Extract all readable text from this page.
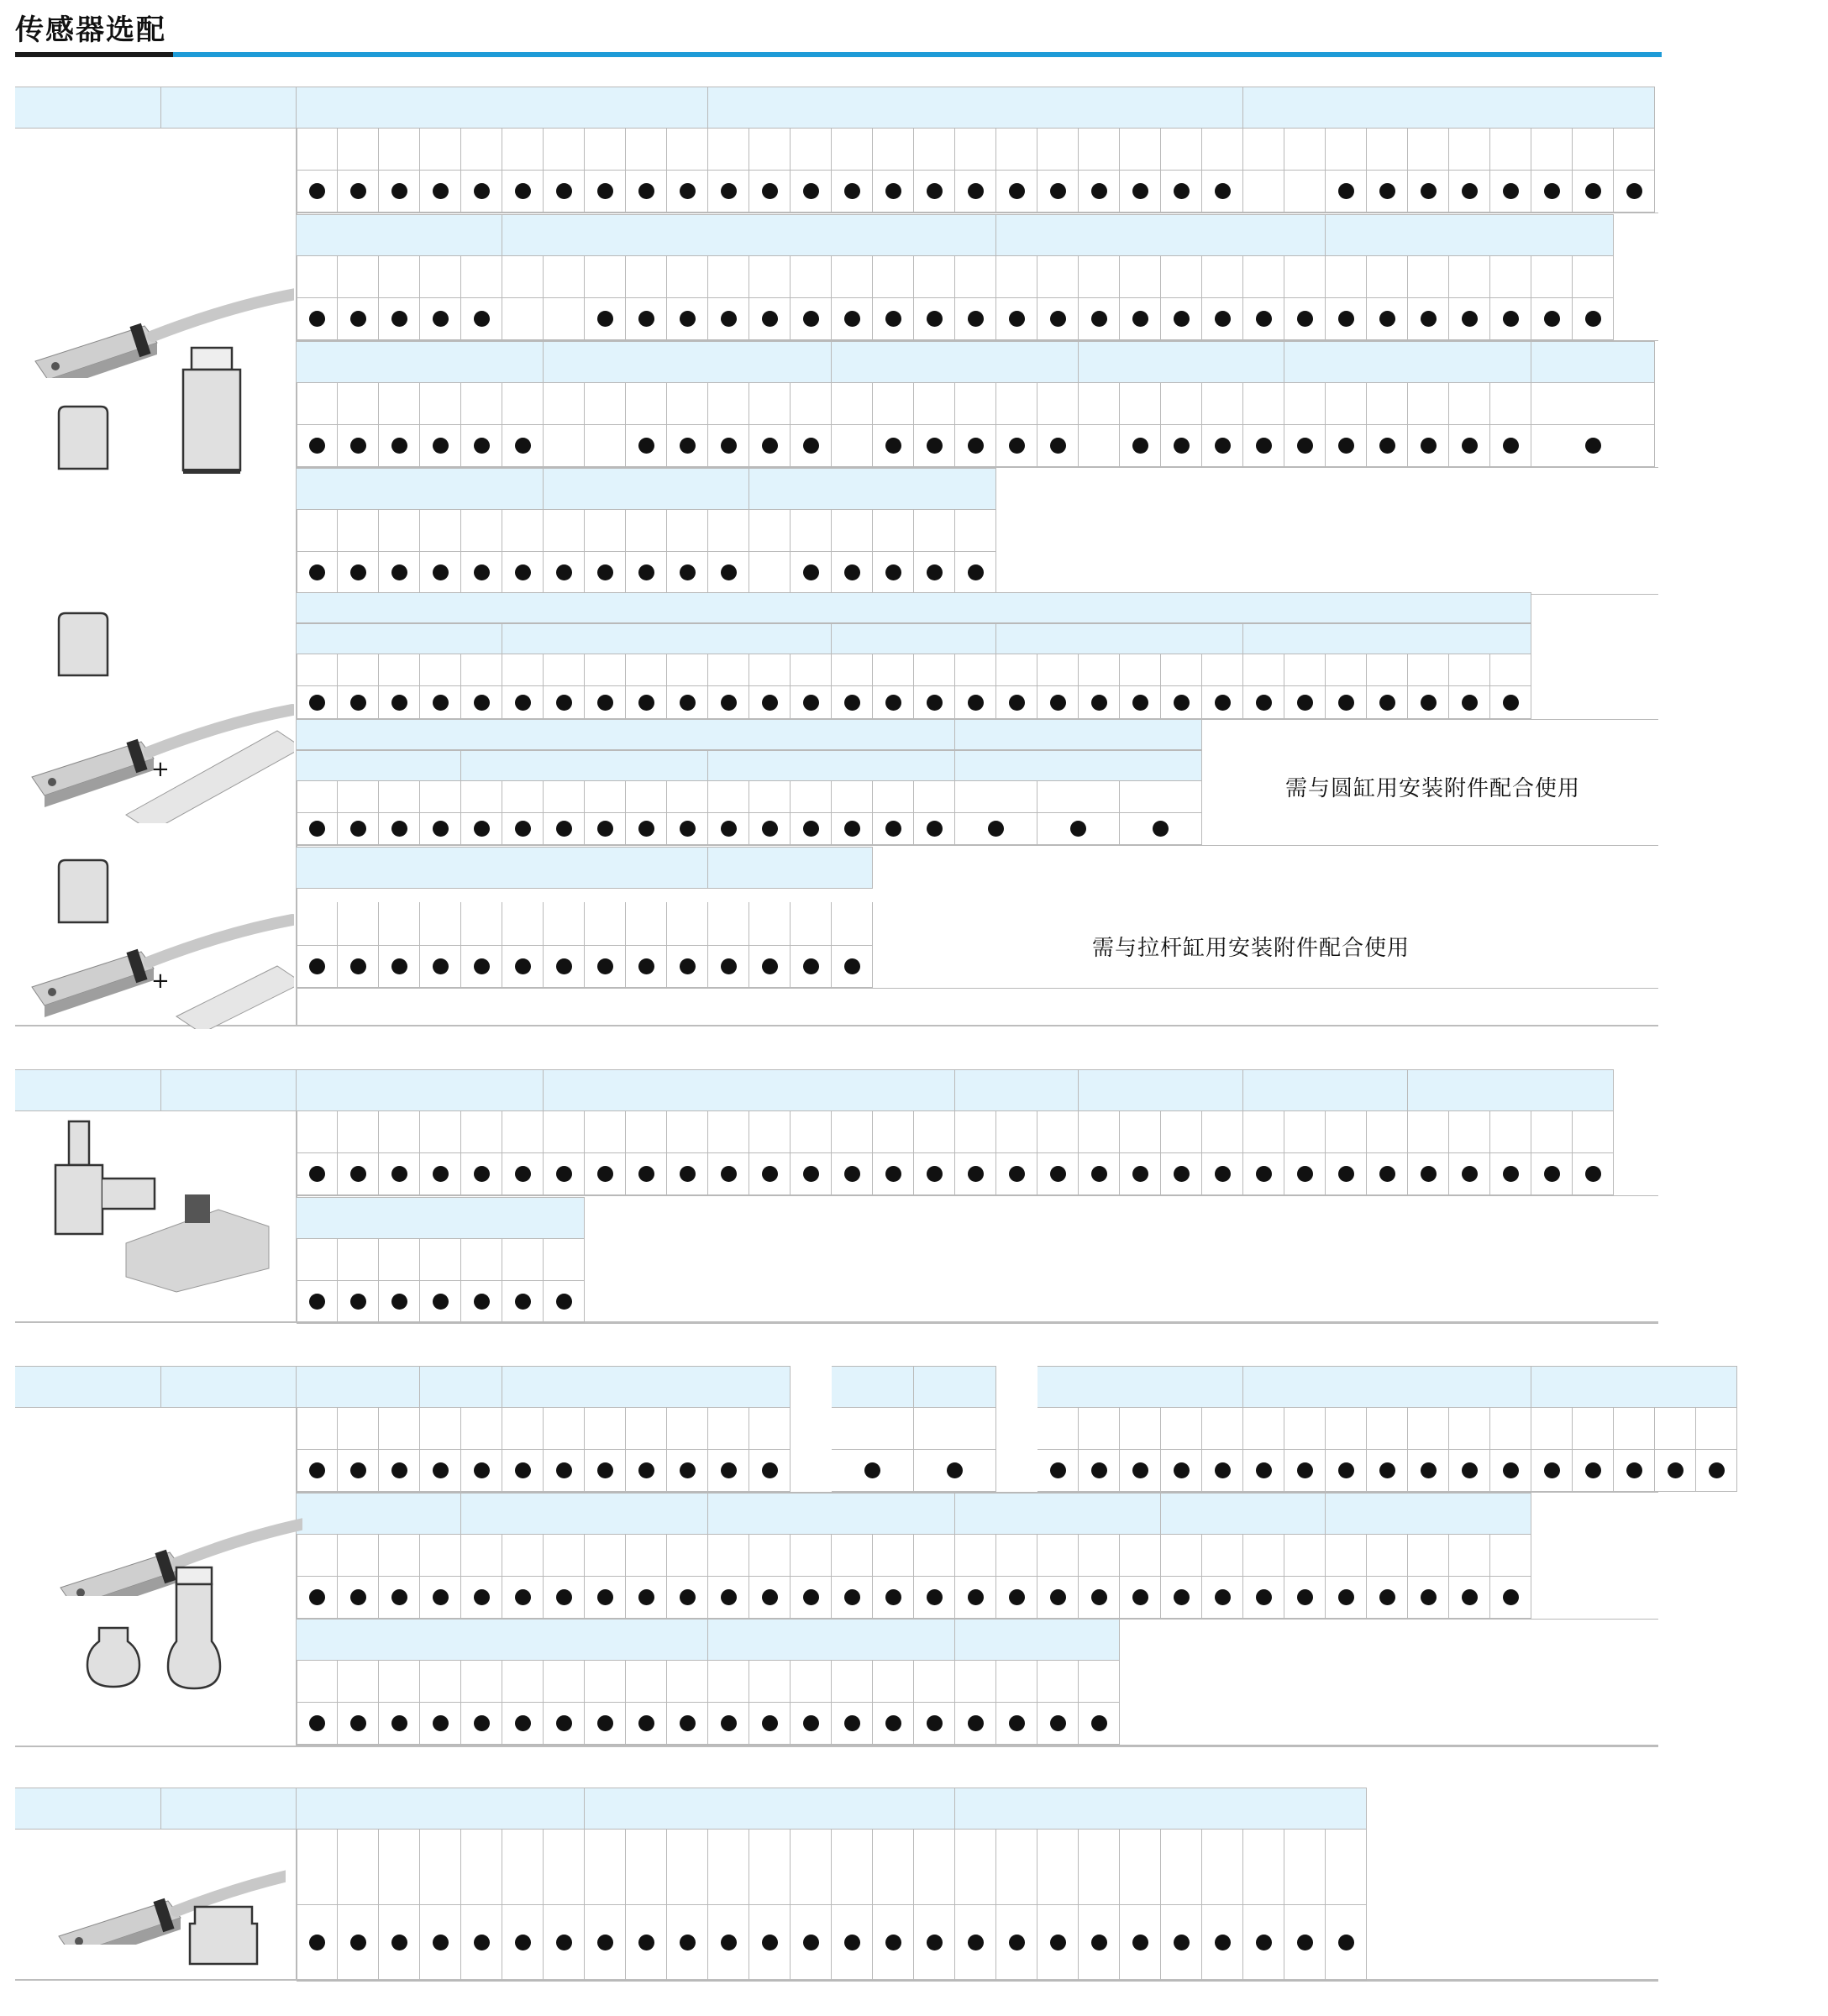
传感器选配
需与圆缸用安装附件配合使用
需与拉杆缸用安装附件配合使用
+
+
